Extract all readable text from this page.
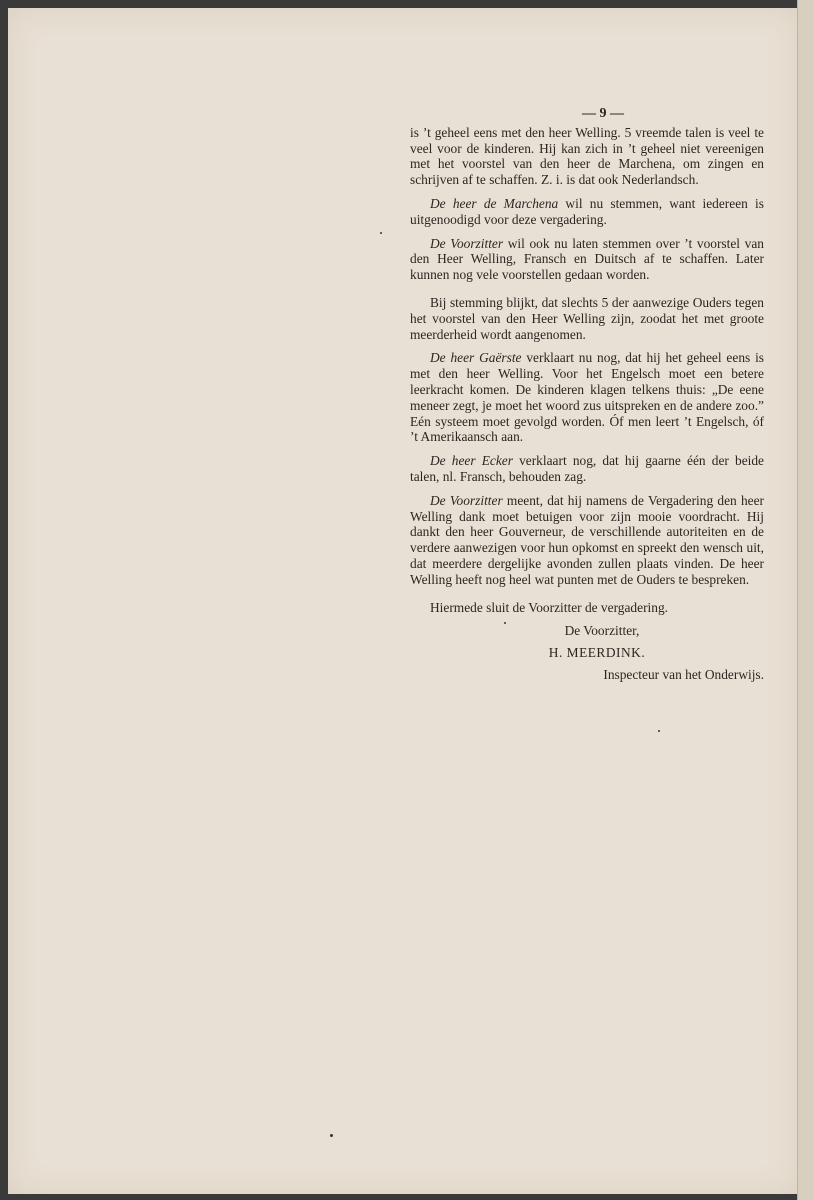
— 9 —

is ’t geheel eens met den heer Welling. 5 vreemde talen is veel te veel voor de kinderen. Hij kan zich in ’t geheel niet vereenigen met het voorstel van den heer de Marchena, om zingen en schrijven af te schaffen. Z. i. is dat ook Nederlandsch.

De heer de Marchena wil nu stemmen, want iedereen is uitgenoodigd voor deze vergadering.

De Voorzitter wil ook nu laten stemmen over ’t voorstel van den Heer Welling, Fransch en Duitsch af te schaffen. Later kunnen nog vele voorstellen gedaan worden.

Bij stemming blijkt, dat slechts 5 der aanwezige Ouders tegen het voorstel van den Heer Welling zijn, zoodat het met groote meerderheid wordt aangenomen.

De heer Gaërste verklaart nu nog, dat hij het geheel eens is met den heer Welling. Voor het Engelsch moet een betere leerkracht komen. De kinderen klagen telkens thuis: „De eene meneer zegt, je moet het woord zus uitspreken en de andere zoo.” Eén systeem moet gevolgd worden. Óf men leert ’t Engelsch, óf ’t Amerikaansch aan.

De heer Ecker verklaart nog, dat hij gaarne één der beide talen, nl. Fransch, behouden zag.

De Voorzitter meent, dat hij namens de Vergadering den heer Welling dank moet betuigen voor zijn mooie voordracht. Hij dankt den heer Gouverneur, de verschillende autoriteiten en de verdere aanwezigen voor hun opkomst en spreekt den wensch uit, dat meerdere dergelijke avonden zullen plaats vinden. De heer Welling heeft nog heel wat punten met de Ouders te bespreken.

Hiermede sluit de Voorzitter de vergadering.

De Voorzitter,
H. MEERDINK.
Inspecteur van het Onderwijs.
